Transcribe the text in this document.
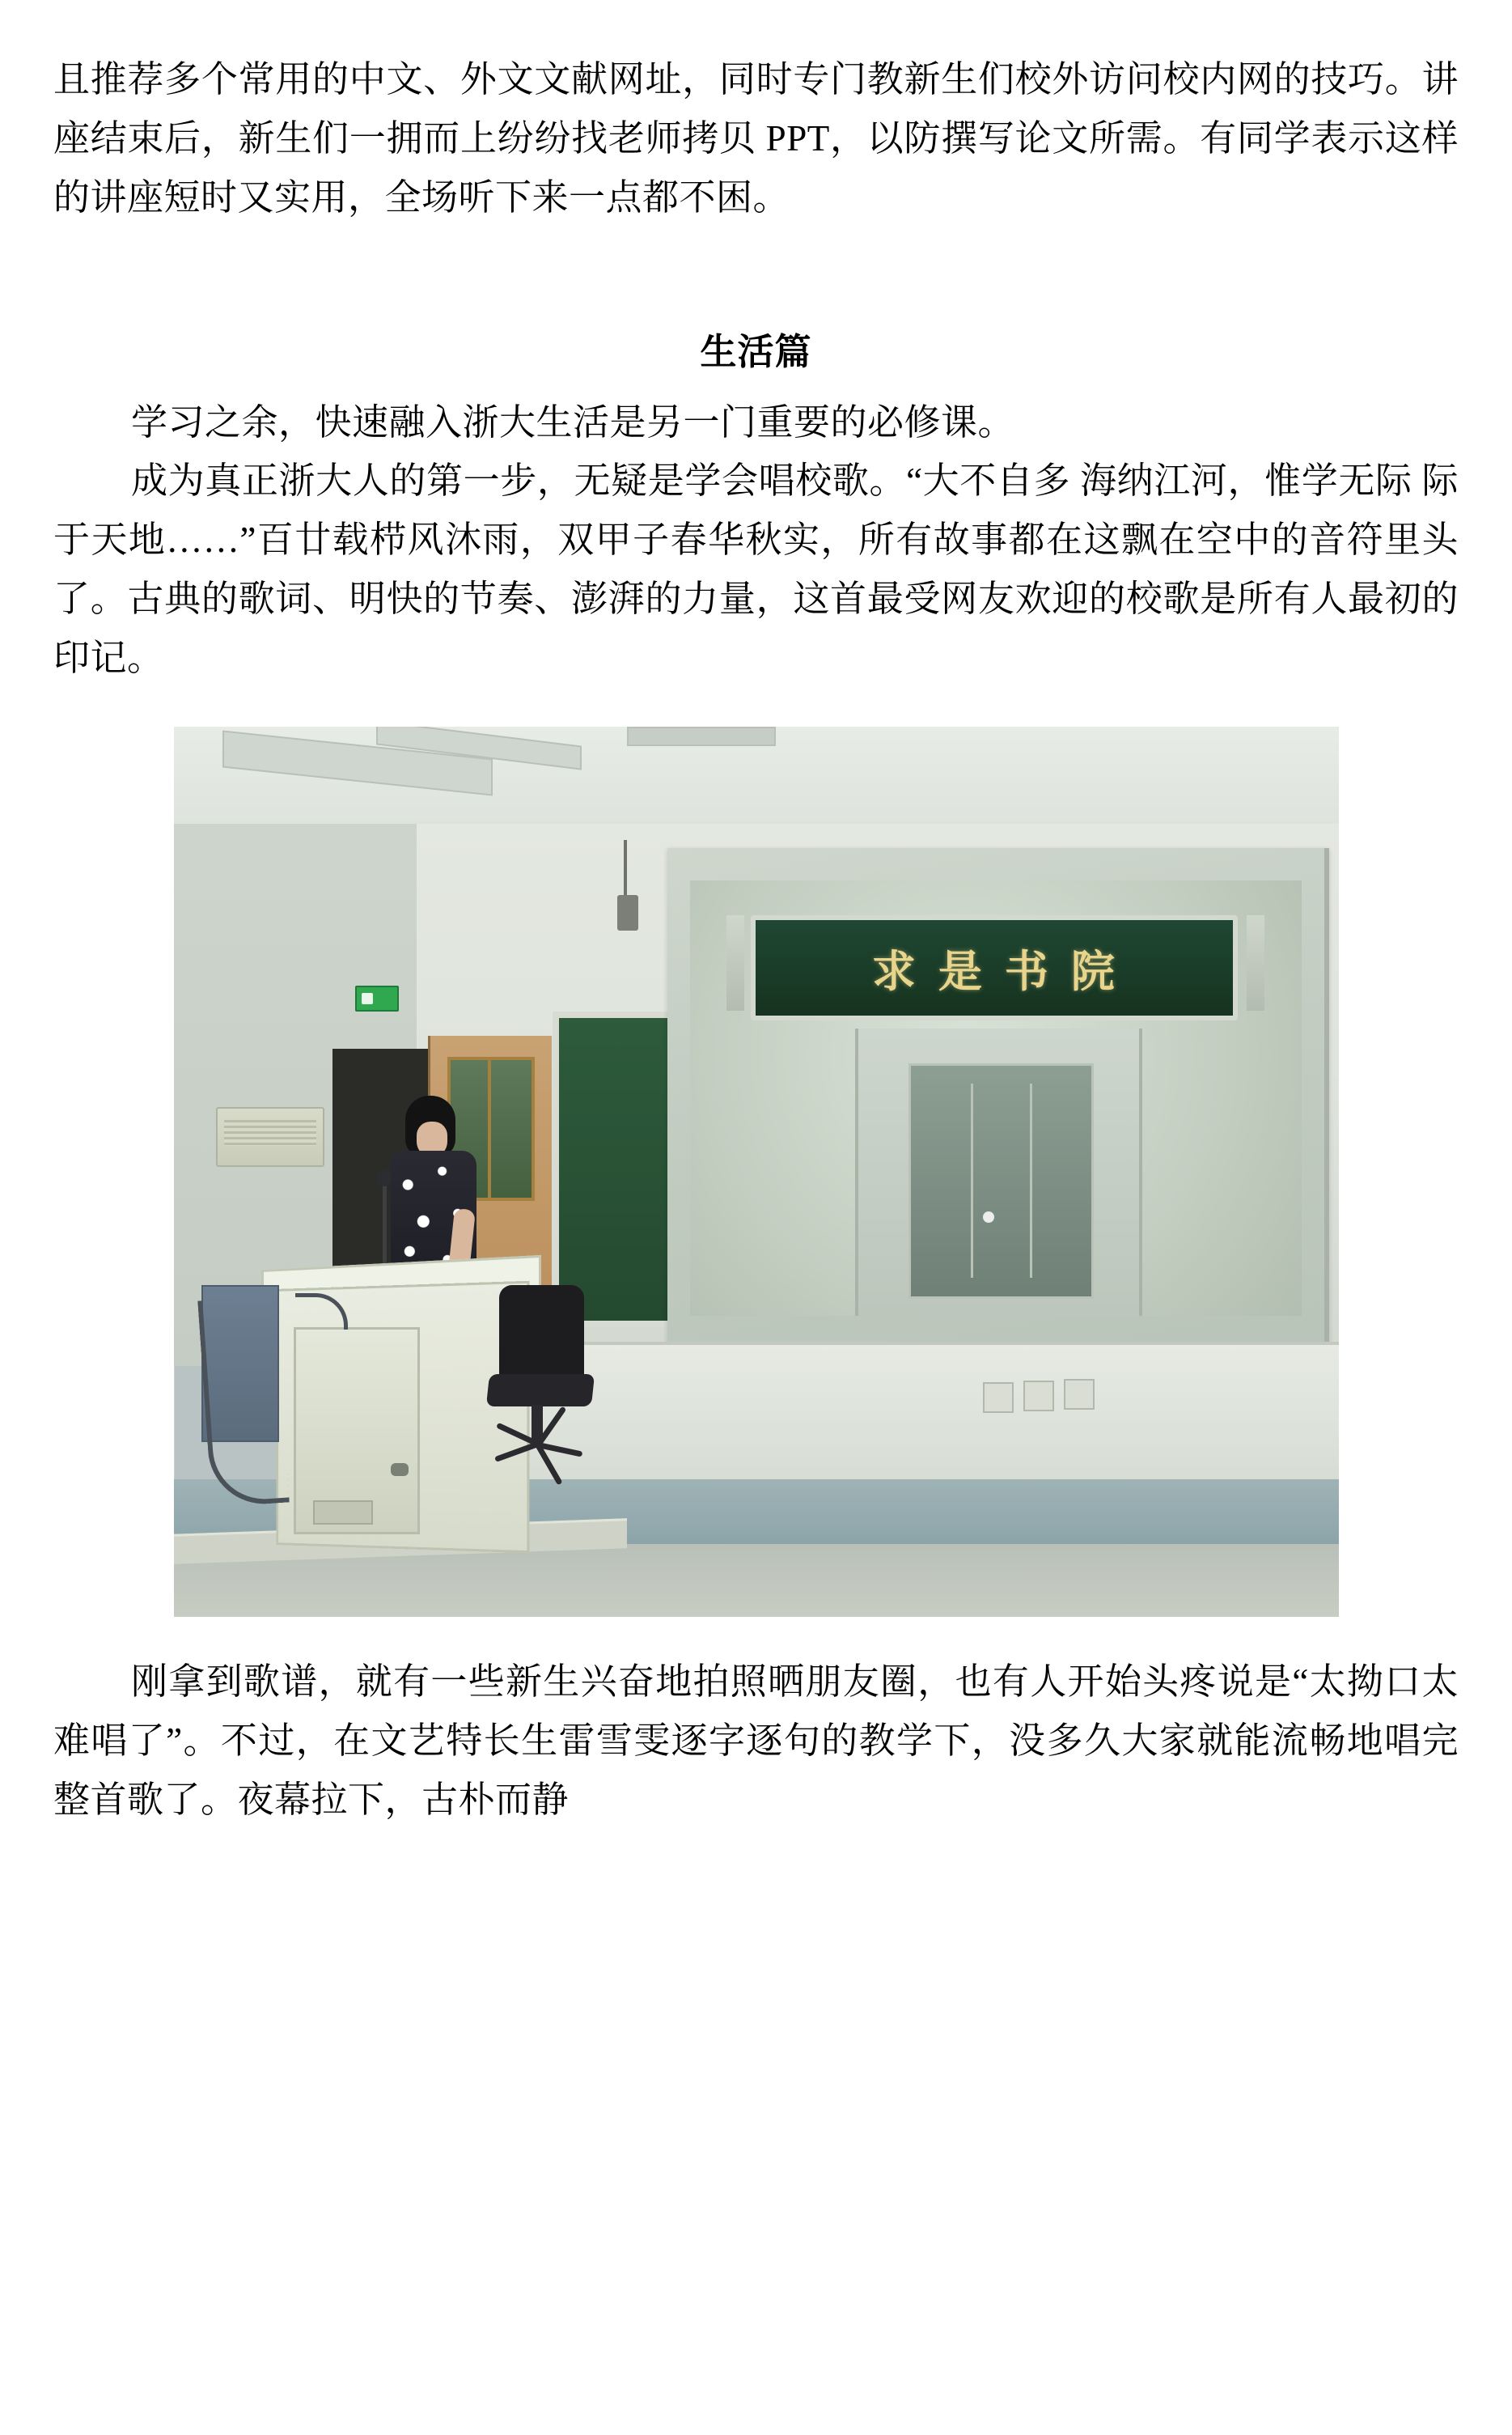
且推荐多个常用的中文、外文文献网址，同时专门教新生们校外访问校内网的技巧。讲座结束后，新生们一拥而上纷纷找老师拷贝 PPT，以防撰写论文所需。有同学表示这样的讲座短时又实用，全场听下来一点都不困。

生活篇

学习之余，快速融入浙大生活是另一门重要的必修课。

成为真正浙大人的第一步，无疑是学会唱校歌。“大不自多 海纳江河，惟学无际 际于天地……”百廿载栉风沐雨，双甲子春华秋实，所有故事都在这飘在空中的音符里头了。古典的歌词、明快的节奏、澎湃的力量，这首最受网友欢迎的校歌是所有人最初的印记。

求 是 书 院

刚拿到歌谱，就有一些新生兴奋地拍照晒朋友圈，也有人开始头疼说是“太拗口太难唱了”。不过，在文艺特长生雷雪雯逐字逐句的教学下，没多久大家就能流畅地唱完整首歌了。夜幕拉下，古朴而静
